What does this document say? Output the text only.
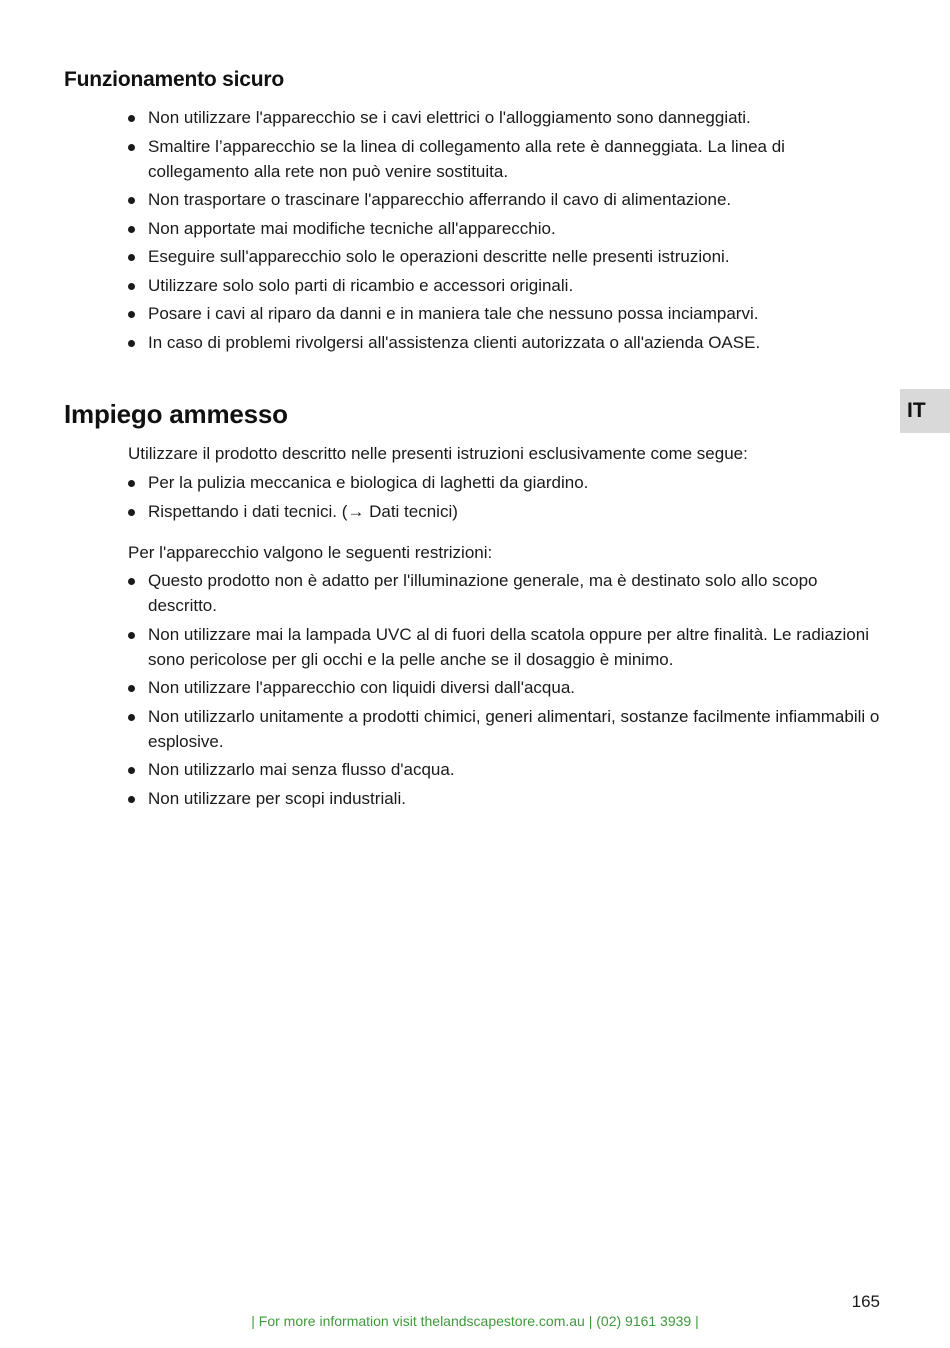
Funzionamento sicuro
Non utilizzare l'apparecchio se i cavi elettrici o l'alloggiamento sono danneggiati.
Smaltire l’apparecchio se la linea di collegamento alla rete è danneggiata. La linea di collegamento alla rete non può venire sostituita.
Non trasportare o trascinare l'apparecchio afferrando il cavo di alimentazione.
Non apportate mai modifiche tecniche all'apparecchio.
Eseguire sull'apparecchio solo le operazioni descritte nelle presenti istruzioni.
Utilizzare solo solo parti di ricambio e accessori originali.
Posare i cavi al riparo da danni e in maniera tale che nessuno possa inciamparvi.
In caso di problemi rivolgersi all'assistenza clienti autorizzata o all'azienda OASE.
Impiego ammesso	IT

Utilizzare il prodotto descritto nelle presenti istruzioni esclusivamente come segue:

Per la pulizia meccanica e biologica di laghetti da giardino.
Rispettando i dati tecnici. (→ Dati tecnici)

Per l'apparecchio valgono le seguenti restrizioni:

Questo prodotto non è adatto per l'illuminazione generale, ma è destinato solo allo scopo descritto.
Non utilizzare mai la lampada UVC al di fuori della scatola oppure per altre finalità. Le radiazioni sono pericolose per gli occhi e la pelle anche se il dosaggio è minimo.
Non utilizzare l'apparecchio con liquidi diversi dall'acqua.
Non utilizzarlo unitamente a prodotti chimici, generi alimentari, sostanze facilmente infiammabili o esplosive.
Non utilizzarlo mai senza flusso d'acqua.
Non utilizzare per scopi industriali.
165
| For more information visit thelandscapestore.com.au | (02) 9161 3939 |
